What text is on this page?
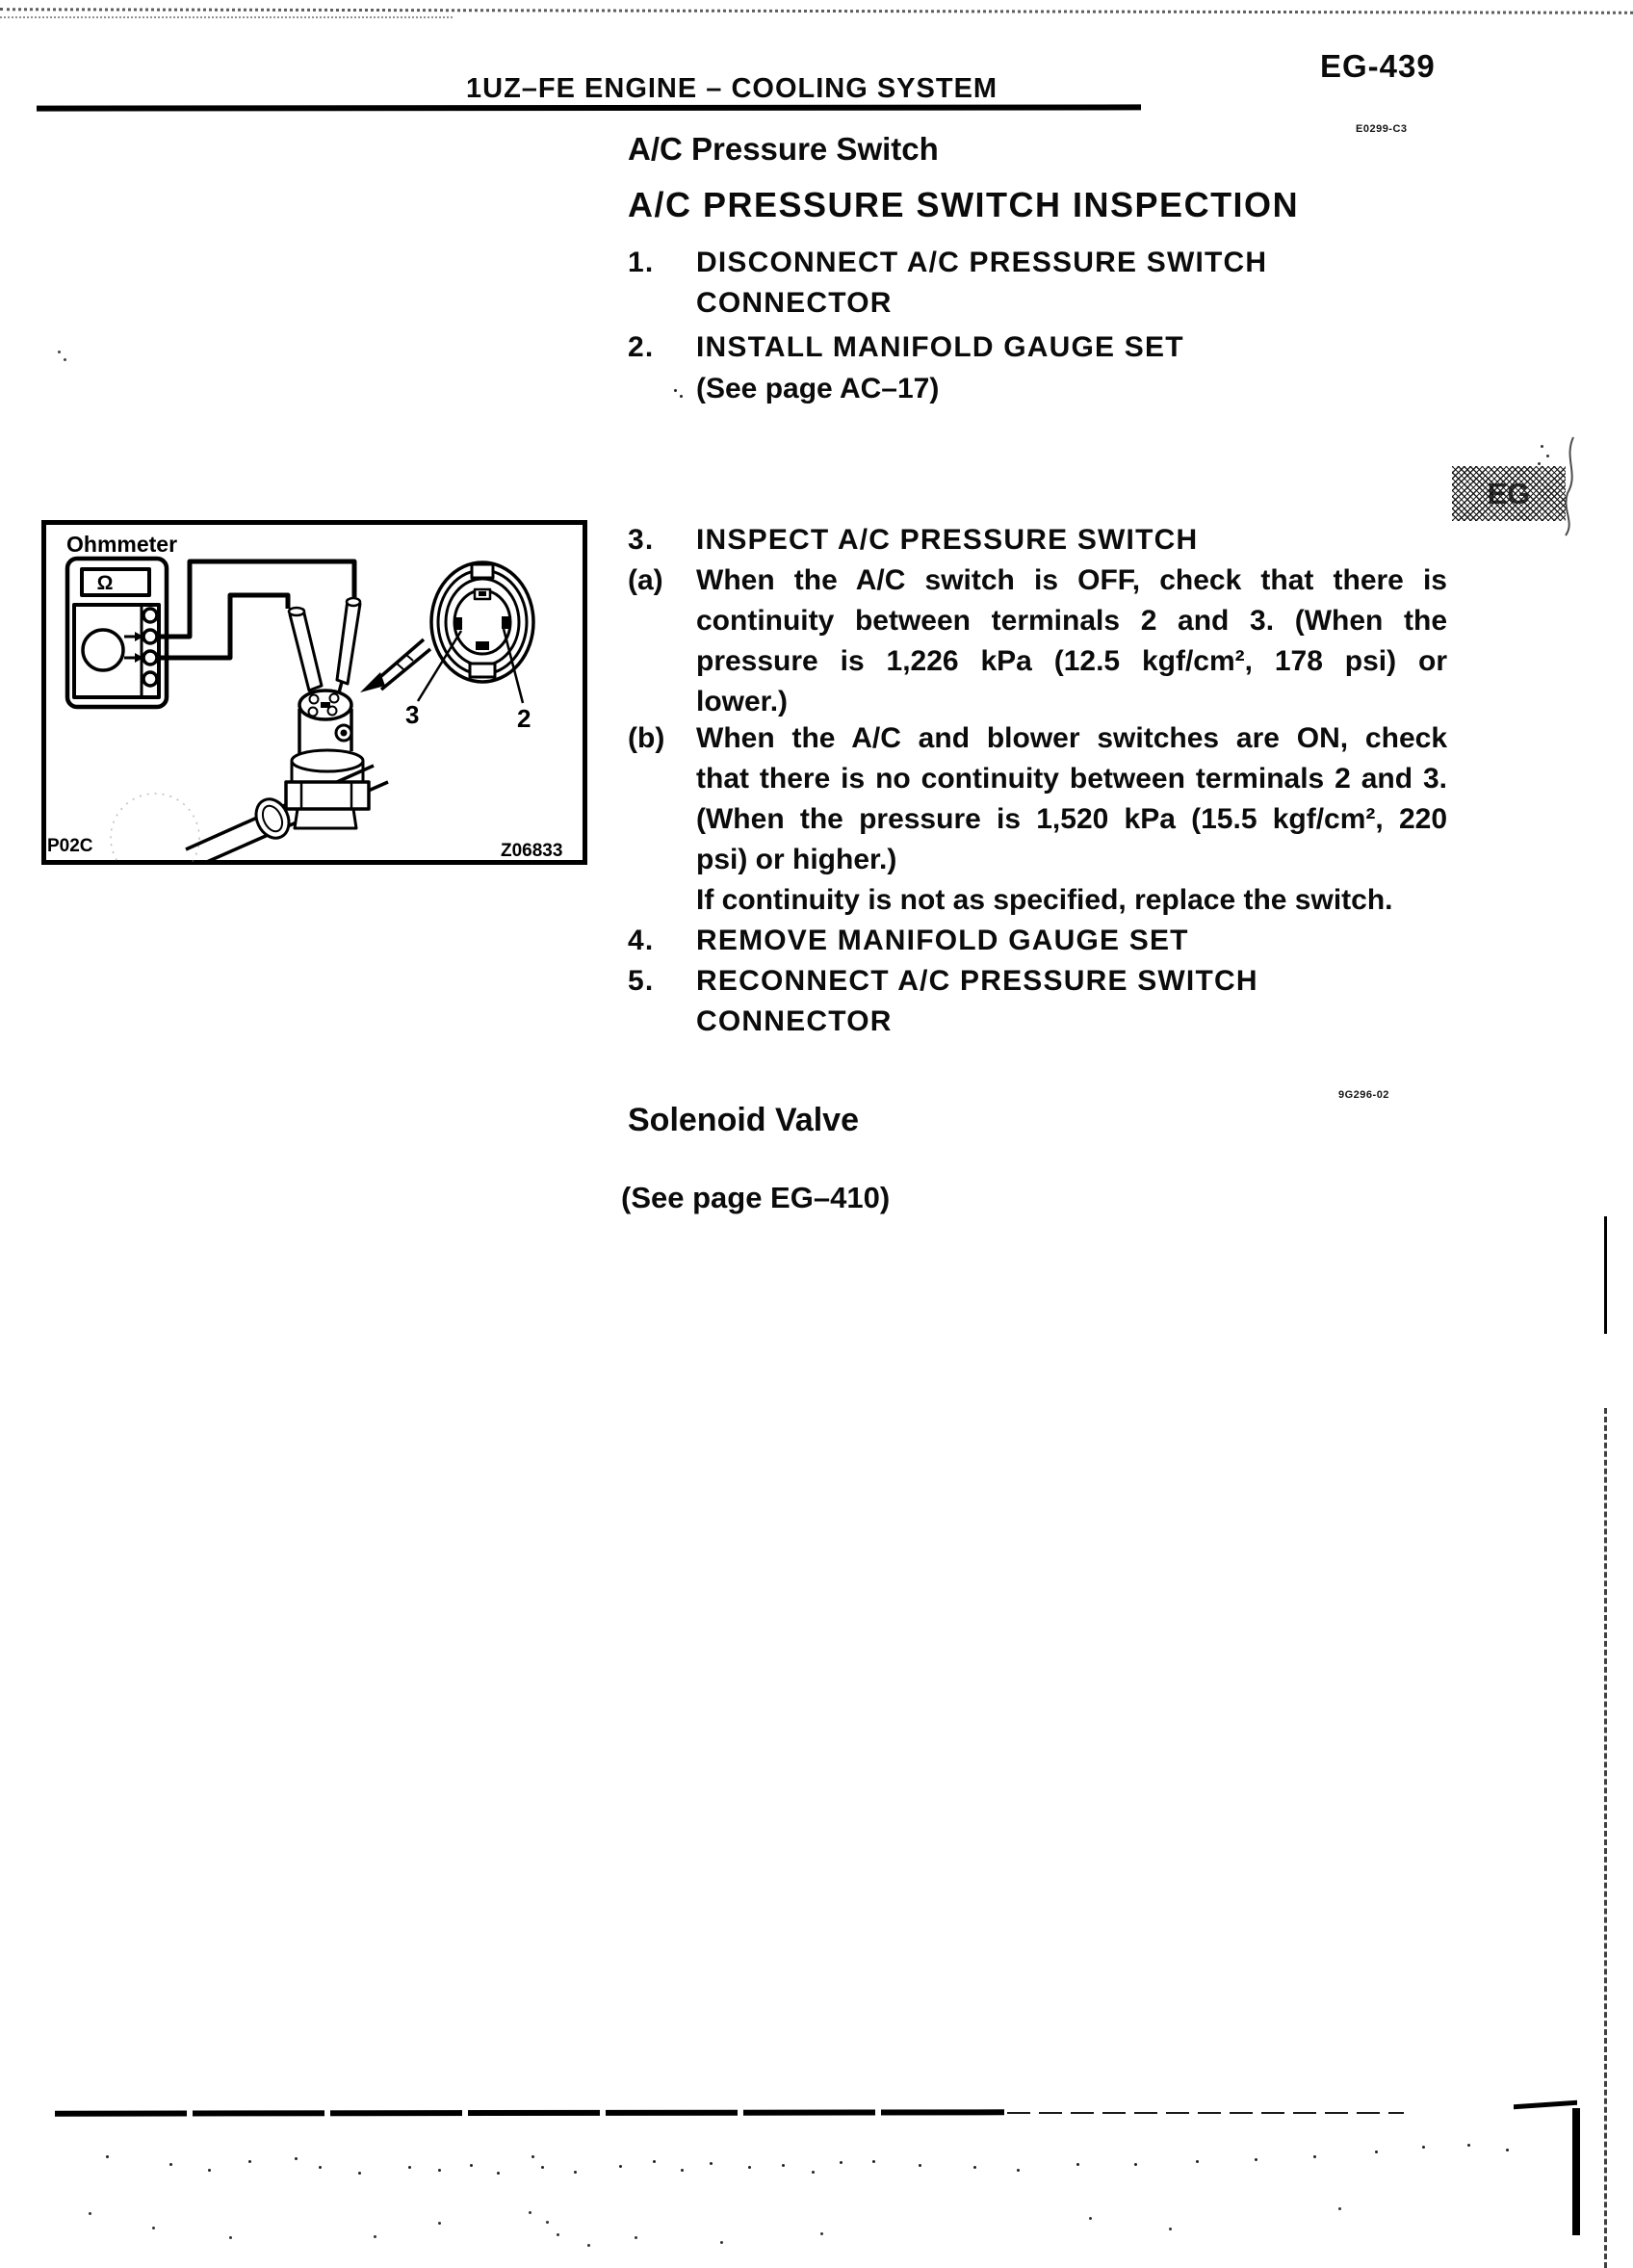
1UZ–FE ENGINE – COOLING SYSTEM
EG-439
E0299-C3
A/C Pressure Switch
A/C PRESSURE SWITCH INSPECTION
1. DISCONNECT A/C PRESSURE SWITCH
CONNECTOR
2. INSTALL MANIFOLD GAUGE SET
(See page AC–17)
Ohmmeter
Ω
3	2
P02C	Z06833
EG
3. INSPECT A/C PRESSURE SWITCH
(a) When the A/C switch is OFF, check that there is
continuity between terminals 2 and 3. (When the
pressure is 1,226 kPa (12.5 kgf/cm², 178 psi) or
lower.)
(b) When the A/C and blower switches are ON, check
that there is no continuity between terminals 2 and 3.
(When the pressure is 1,520 kPa (15.5 kgf/cm², 220
psi) or higher.)
If continuity is not as specified, replace the switch.
4. REMOVE MANIFOLD GAUGE SET
5. RECONNECT A/C PRESSURE SWITCH
CONNECTOR
9G296-02
Solenoid Valve
(See page EG–410)
